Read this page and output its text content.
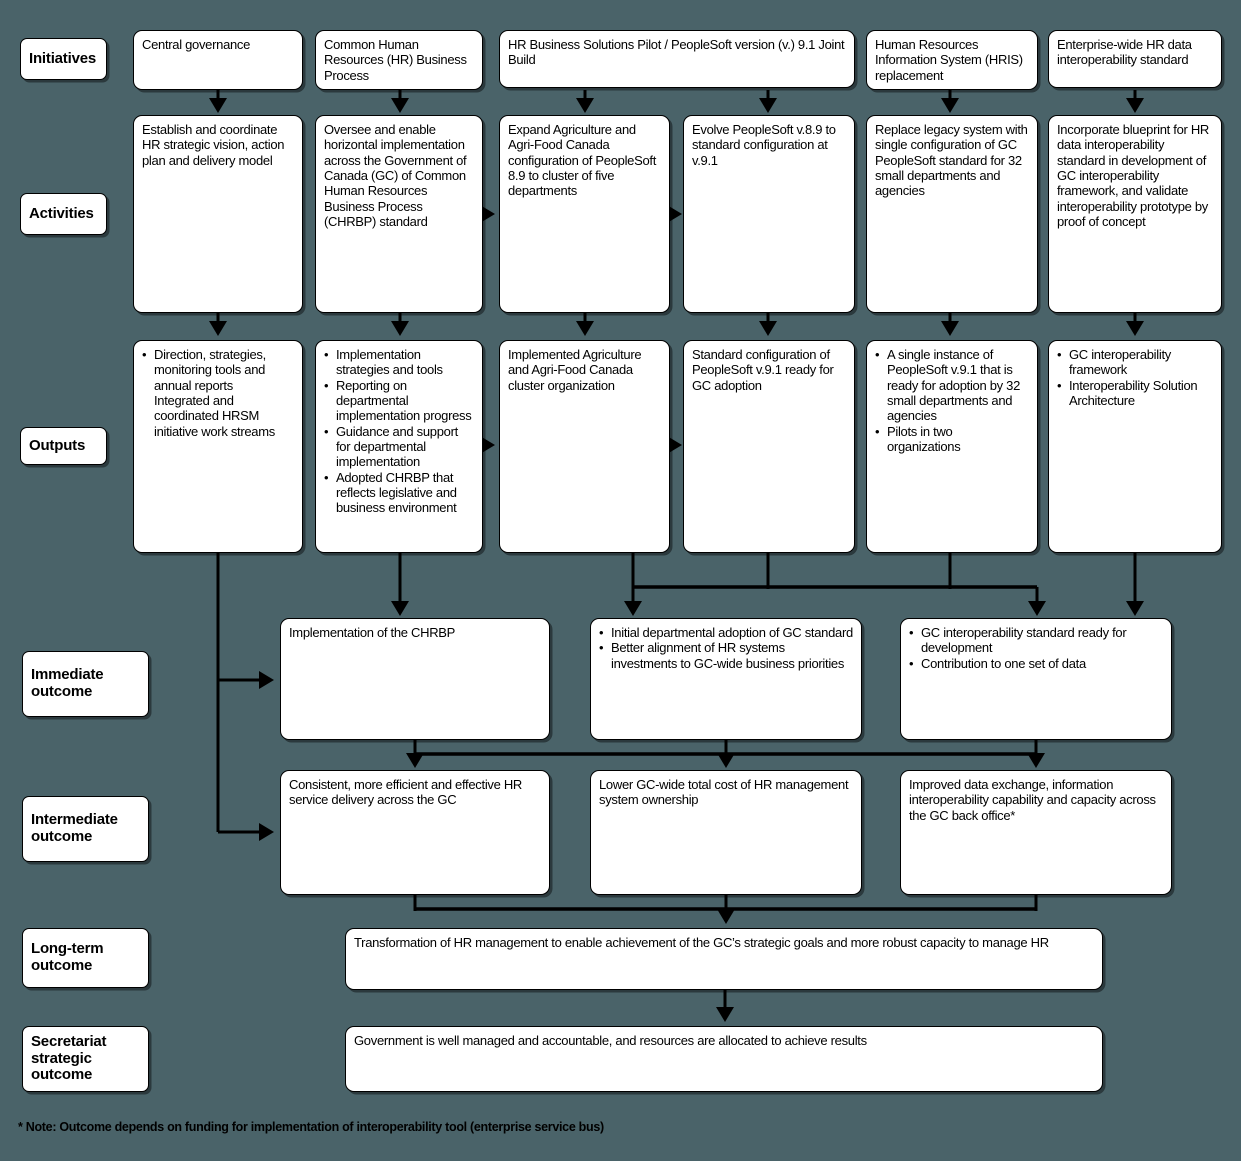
Initiatives
Activities
Outputs
Immediate outcome
Intermediate outcome
Long-term outcome
Secretariat strategic outcome
Central governance	Common Human Resources (HR) Business Process
HR Business Solutions Pilot / PeopleSoft version (v.) 9.1 Joint Build
Human Resources Information System (HRIS) replacement
Enterprise-wide HR data interoperability standard
Establish and coordinate HR strategic vision, action plan and delivery model
Oversee and enable horizontal implementation across the Government of Canada (GC) of Common Human Resources Business Process (CHRBP) standard
Expand Agriculture and Agri-Food Canada configuration of PeopleSoft 8.9 to cluster of five departments
Evolve PeopleSoft v.8.9 to standard configuration at v.9.1
Replace legacy system with single configuration of GC PeopleSoft standard for 32 small departments and agencies
Incorporate blueprint for HR data interoperability standard in development of GC interoperability framework, and validate interoperability prototype by proof of concept
• Direction, strategies, monitoring tools and annual reports
Integrated and coordinated HRSM initiative work streams
• Implementation strategies and tools
• Reporting on departmental implementation progress
• Guidance and support for departmental implementation
• Adopted CHRBP that reflects legislative and business environment
Implemented Agriculture and Agri-Food Canada cluster organization
Standard configuration of PeopleSoft v.9.1 ready for GC adoption
• A single instance of PeopleSoft v.9.1 that is ready for adoption by 32 small departments and agencies
• Pilots in two organizations
• GC interoperability framework
• Interoperability Solution Architecture
Implementation of the CHRBP	• Initial departmental adoption of GC standard
• Better alignment of HR systems investments to GC-wide business priorities
• GC interoperability standard ready for development
• Contribution to one set of data
Consistent, more efficient and effective HR service delivery across the GC
Lower GC-wide total cost of HR management system ownership
Improved data exchange, information interoperability capability and capacity across the GC back office*
Transformation of HR management to enable achievement of the GC’s strategic goals and more robust capacity to manage HR
Government is well managed and accountable, and resources are allocated to achieve results
* Note: Outcome depends on funding for implementation of interoperability tool (enterprise service bus)
